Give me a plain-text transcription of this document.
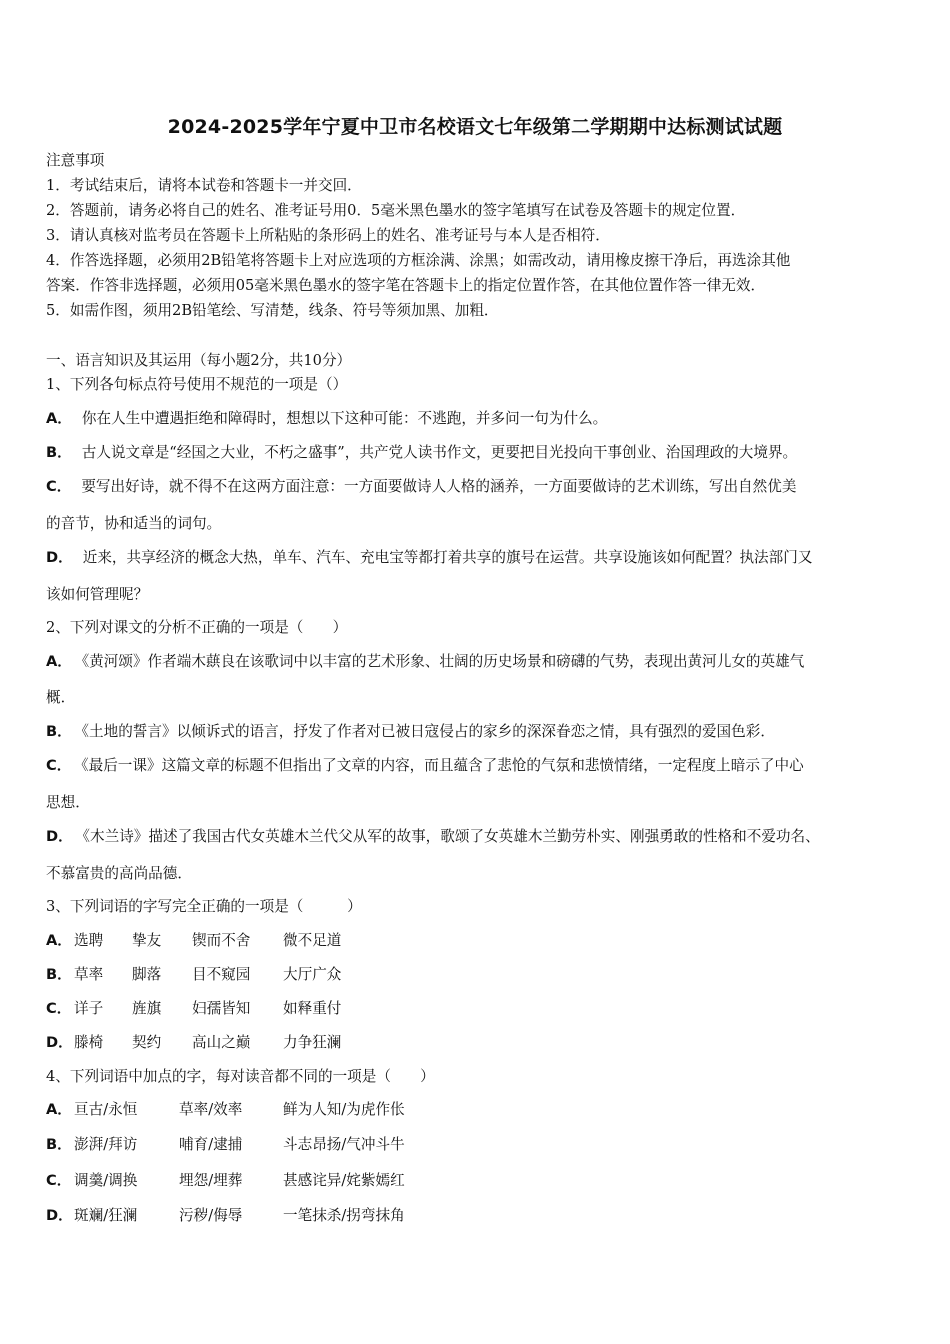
2024-2025学年宁夏中卫市名校语文七年级第二学期期中达标测试试题
注意事项
1．考试结束后，请将本试卷和答题卡一并交回．
2．答题前，请务必将自己的姓名、准考证号用0．5毫米黑色墨水的签字笔填写在试卷及答题卡的规定位置．
3．请认真核对监考员在答题卡上所粘贴的条形码上的姓名、准考证号与本人是否相符．
4．作答选择题，必须用2B铅笔将答题卡上对应选项的方框涂满、涂黑；如需改动，请用橡皮擦干净后，再选涂其他
答案．作答非选择题，必须用05毫米黑色墨水的签字笔在答题卡上的指定位置作答，在其他位置作答一律无效．
5．如需作图，须用2B铅笔绘、写清楚，线条、符号等须加黑、加粗．
一、语言知识及其运用（每小题2分，共10分）
1、下列各句标点符号使用不规范的一项是（）
A． 你在人生中遭遇拒绝和障碍时，想想以下这种可能：不逃跑，并多问一句为什么。
B． 古人说文章是“经国之大业，不朽之盛事”，共产党人读书作文，更要把目光投向干事创业、治国理政的大境界。
C． 要写出好诗，就不得不在这两方面注意：一方面要做诗人人格的涵养，一方面要做诗的艺术训练，写出自然优美
的音节，协和适当的词句。
D． 近来，共享经济的概念大热，单车、汽车、充电宝等都打着共享的旗号在运营。共享设施该如何配置？执法部门又
该如何管理呢？
2、下列对课文的分析不正确的一项是（　　）
A． 《黄河颂》作者端木蕻良在该歌词中以丰富的艺术形象、壮阔的历史场景和磅礴的气势，表现出黄河儿女的英雄气
概．
B． 《土地的誓言》以倾诉式的语言，抒发了作者对已被日寇侵占的家乡的深深眷恋之情，具有强烈的爱国色彩．
C． 《最后一课》这篇文章的标题不但指出了文章的内容，而且蕴含了悲怆的气氛和悲愤情绪，一定程度上暗示了中心
思想．
D． 《木兰诗》描述了我国古代女英雄木兰代父从军的故事，歌颂了女英雄木兰勤劳朴实、刚强勇敢的性格和不爱功名、
不慕富贵的高尚品德．
3、下列词语的字写完全正确的一项是（　　　）
A． 选聘 挚友 锲而不舍 微不足道
B． 草率 脚落 目不窥园 大厅广众
C． 详子 旌旗 妇孺皆知 如释重付
D． 滕椅 契约 高山之巅 力争狂澜
4、下列词语中加点的字，每对读音都不同的一项是（　　）
A． 亘古/永恒	草率/效率	鲜为人知/为虎作伥
B． 澎湃/拜访	哺育/逮捕	斗志昂扬/气冲斗牛
C． 调羹/调换	埋怨/埋葬	甚感诧异/姹紫嫣红
D． 斑斓/狂澜	污秽/侮辱	一笔抹杀/拐弯抹角
